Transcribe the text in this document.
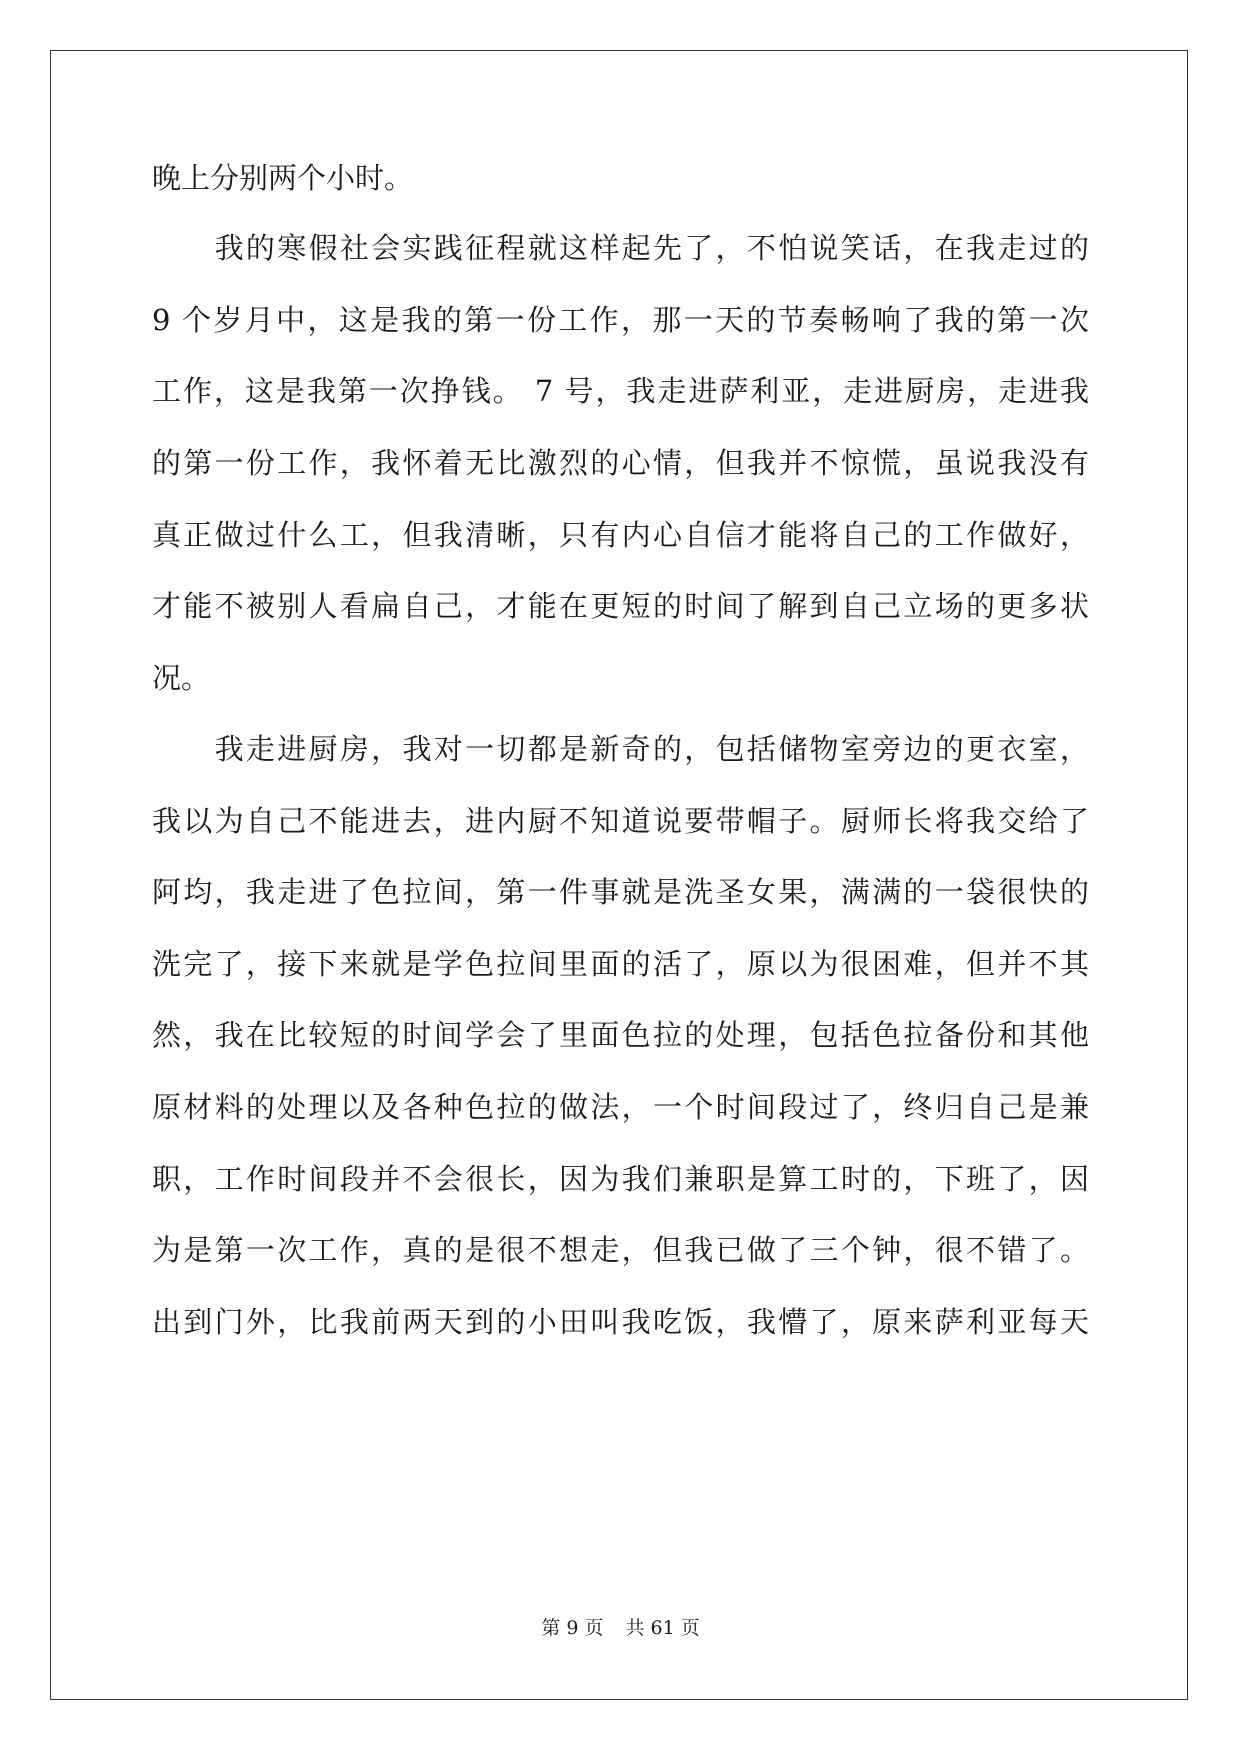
晚上分别两个小时。
　　我的寒假社会实践征程就这样起先了，不怕说笑话，在我走过的
9 个岁月中，这是我的第一份工作，那一天的节奏畅响了我的第一次
工作，这是我第一次挣钱。 7 号，我走进萨利亚，走进厨房，走进我
的第一份工作，我怀着无比激烈的心情，但我并不惊慌，虽说我没有
真正做过什么工，但我清晰，只有内心自信才能将自己的工作做好，
才能不被别人看扁自己，才能在更短的时间了解到自己立场的更多状
况。
　　我走进厨房，我对一切都是新奇的，包括储物室旁边的更衣室，
我以为自己不能进去，进内厨不知道说要带帽子。厨师长将我交给了
阿均，我走进了色拉间，第一件事就是洗圣女果，满满的一袋很快的
洗完了，接下来就是学色拉间里面的活了，原以为很困难，但并不其
然，我在比较短的时间学会了里面色拉的处理，包括色拉备份和其他
原材料的处理以及各种色拉的做法，一个时间段过了，终归自己是兼
职，工作时间段并不会很长，因为我们兼职是算工时的，下班了，因
为是第一次工作，真的是很不想走，但我已做了三个钟，很不错了。
出到门外，比我前两天到的小田叫我吃饭，我懵了，原来萨利亚每天
第 9 页 共 61 页
